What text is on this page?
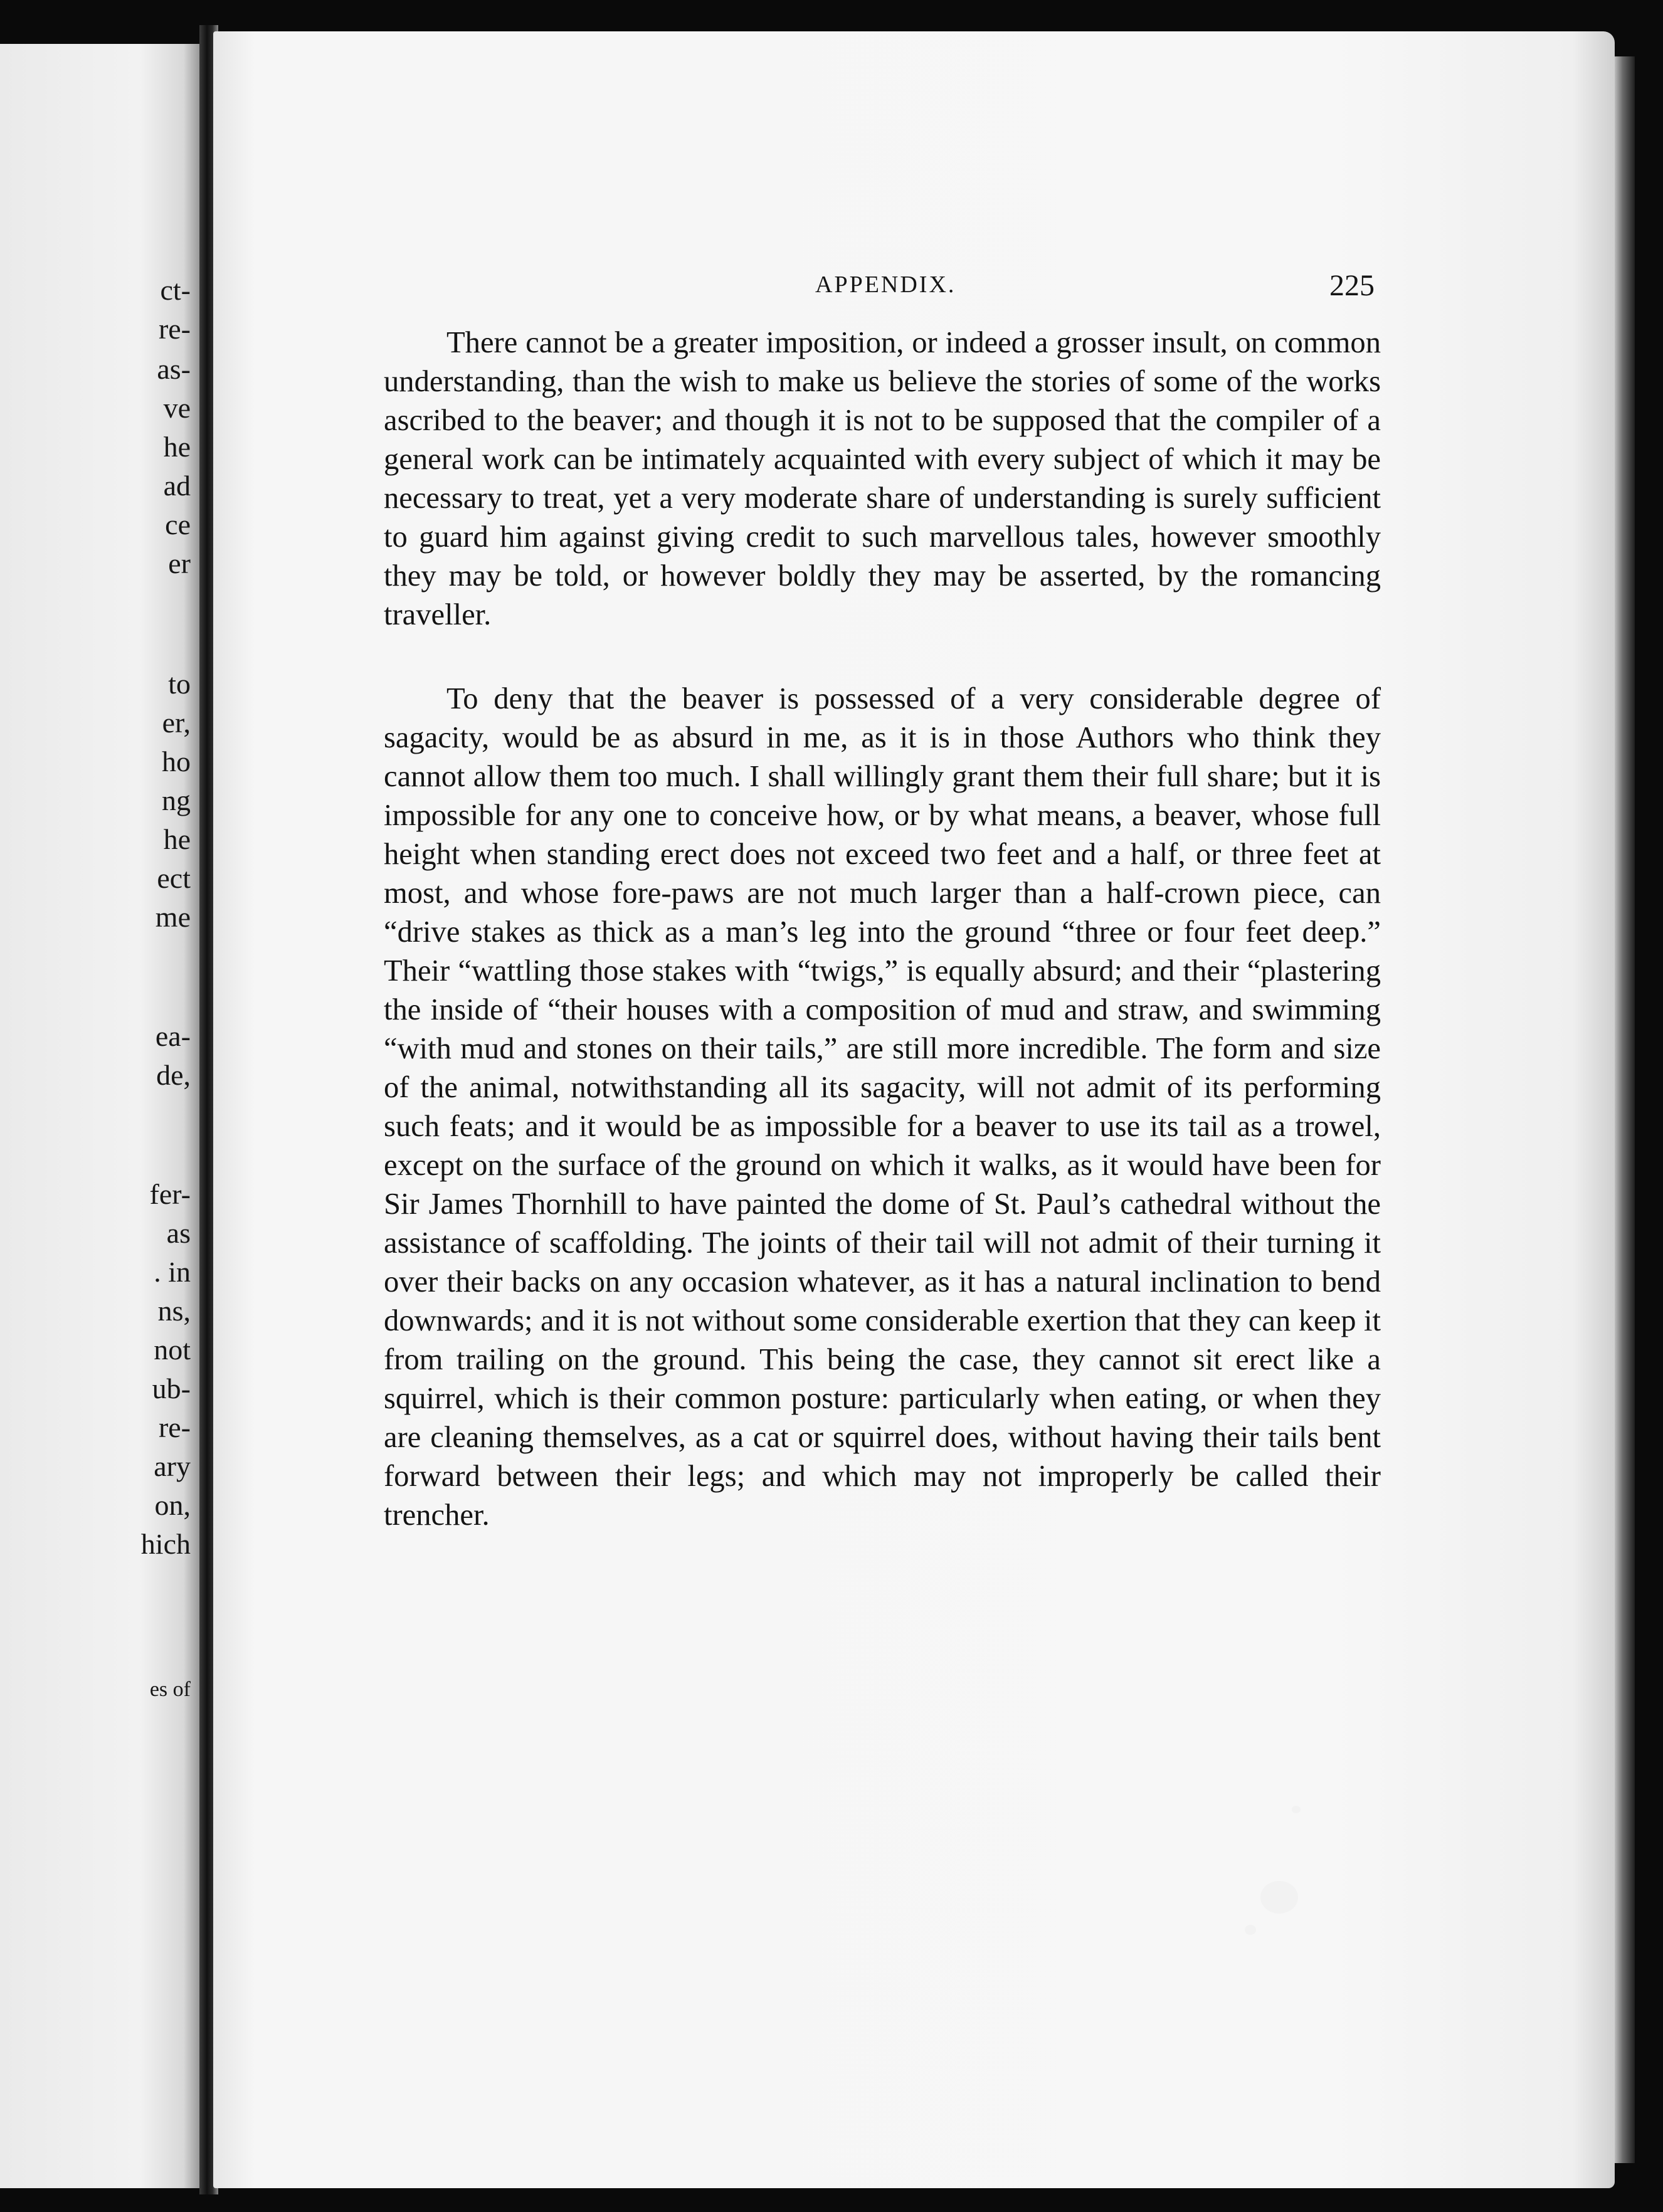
ct-
re-
as-
ve
he
ad
ce
er
to
er,
ho
ng
he
ect
me
ea-
de,
fer-
as
. in
ns,
not
ub-
re-
ary
on,
hich
es of
APPENDIX.	225

There cannot be a greater imposition, or indeed a grosser insult, on common understanding, than the wish to make us believe the stories of some of the works ascribed to the beaver; and though it is not to be supposed that the compiler of a general work can be intimately acquainted with every subject of which it may be necessary to treat, yet a very moderate share of understanding is surely sufficient to guard him against giving credit to such marvellous tales, however smoothly they may be told, or however boldly they may be asserted, by the romancing traveller.

To deny that the beaver is possessed of a very considerable degree of sagacity, would be as absurd in me, as it is in those Authors who think they cannot allow them too much. I shall willingly grant them their full share; but it is impossible for any one to conceive how, or by what means, a beaver, whose full height when standing erect does not exceed two feet and a half, or three feet at most, and whose fore-paws are not much larger than a half-crown piece, can “drive stakes as thick as a man’s leg into the ground “three or four feet deep.” Their “wattling those stakes with “twigs,” is equally absurd; and their “plastering the inside of “their houses with a composition of mud and straw, and swimming “with mud and stones on their tails,” are still more incredible. The form and size of the animal, notwithstanding all its sagacity, will not admit of its performing such feats; and it would be as impossible for a beaver to use its tail as a trowel, except on the surface of the ground on which it walks, as it would have been for Sir James Thornhill to have painted the dome of St. Paul’s cathedral without the assistance of scaffolding. The joints of their tail will not admit of their turning it over their backs on any occasion whatever, as it has a natural inclination to bend downwards; and it is not without some considerable exertion that they can keep it from trailing on the ground. This being the case, they cannot sit erect like a squirrel, which is their common posture: particularly when eating, or when they are cleaning themselves, as a cat or squirrel does, without having their tails bent forward between their legs; and which may not improperly be called their trencher.
